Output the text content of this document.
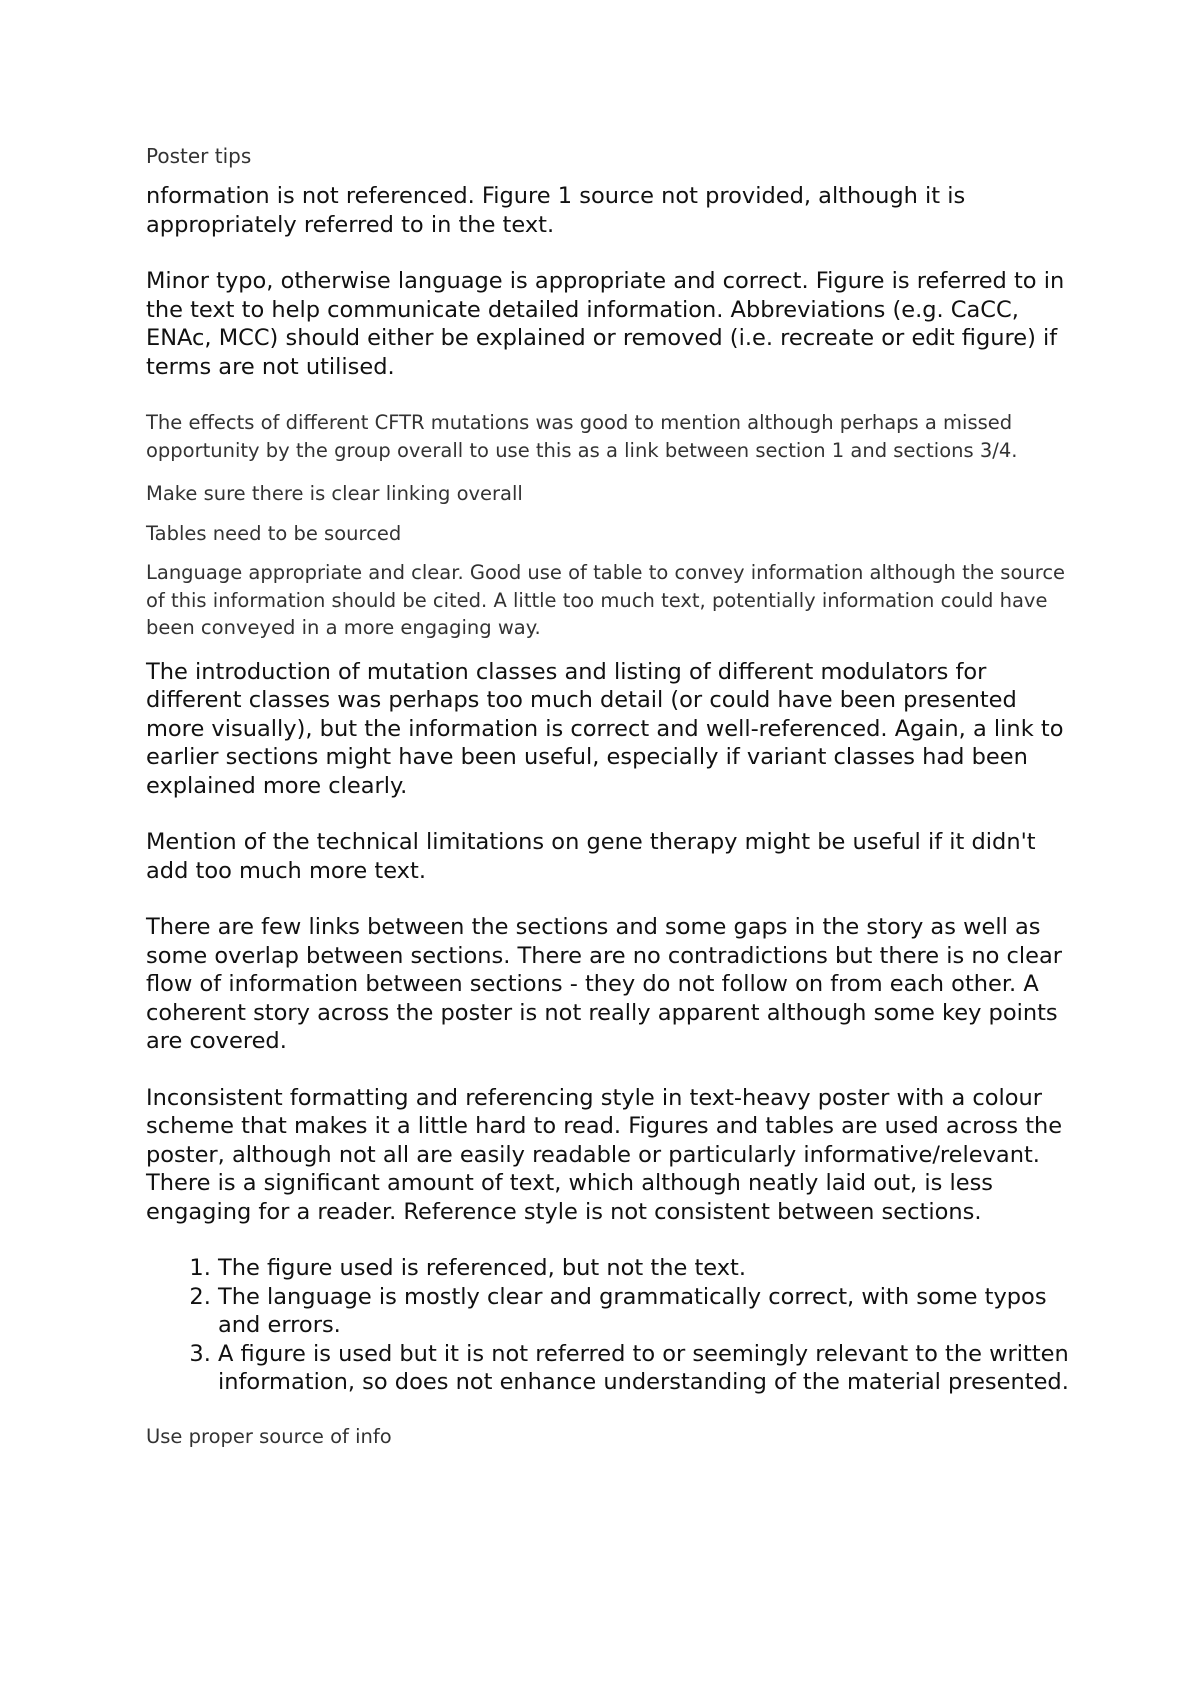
Poster tips

nformation is not referenced. Figure 1 source not provided, although it is appropriately referred to in the text.

Minor typo, otherwise language is appropriate and correct. Figure is referred to in the text to help communicate detailed information. Abbreviations (e.g. CaCC, ENAc, MCC) should either be explained or removed (i.e. recreate or edit figure) if terms are not utilised.

The effects of different CFTR mutations was good to mention although perhaps a missed opportunity by the group overall to use this as a link between section 1 and sections 3/4.

Make sure there is clear linking overall

Tables need to be sourced

Language appropriate and clear. Good use of table to convey information although the source of this information should be cited. A little too much text, potentially information could have been conveyed in a more engaging way.

The introduction of mutation classes and listing of different modulators for different classes was perhaps too much detail (or could have been presented more visually), but the information is correct and well-referenced. Again, a link to earlier sections might have been useful, especially if variant classes had been explained more clearly.

Mention of the technical limitations on gene therapy might be useful if it didn't add too much more text.

There are few links between the sections and some gaps in the story as well as some overlap between sections. There are no contradictions but there is no clear flow of information between sections - they do not follow on from each other. A coherent story across the poster is not really apparent although some key points are covered.

Inconsistent formatting and referencing style in text-heavy poster with a colour scheme that makes it a little hard to read. Figures and tables are used across the poster, although not all are easily readable or particularly informative/relevant. There is a significant amount of text, which although neatly laid out, is less engaging for a reader. Reference style is not consistent between sections.

1. The figure used is referenced, but not the text.
2. The language is mostly clear and grammatically correct, with some typos and errors.
3. A figure is used but it is not referred to or seemingly relevant to the written information, so does not enhance understanding of the material presented.

Use proper source of info
